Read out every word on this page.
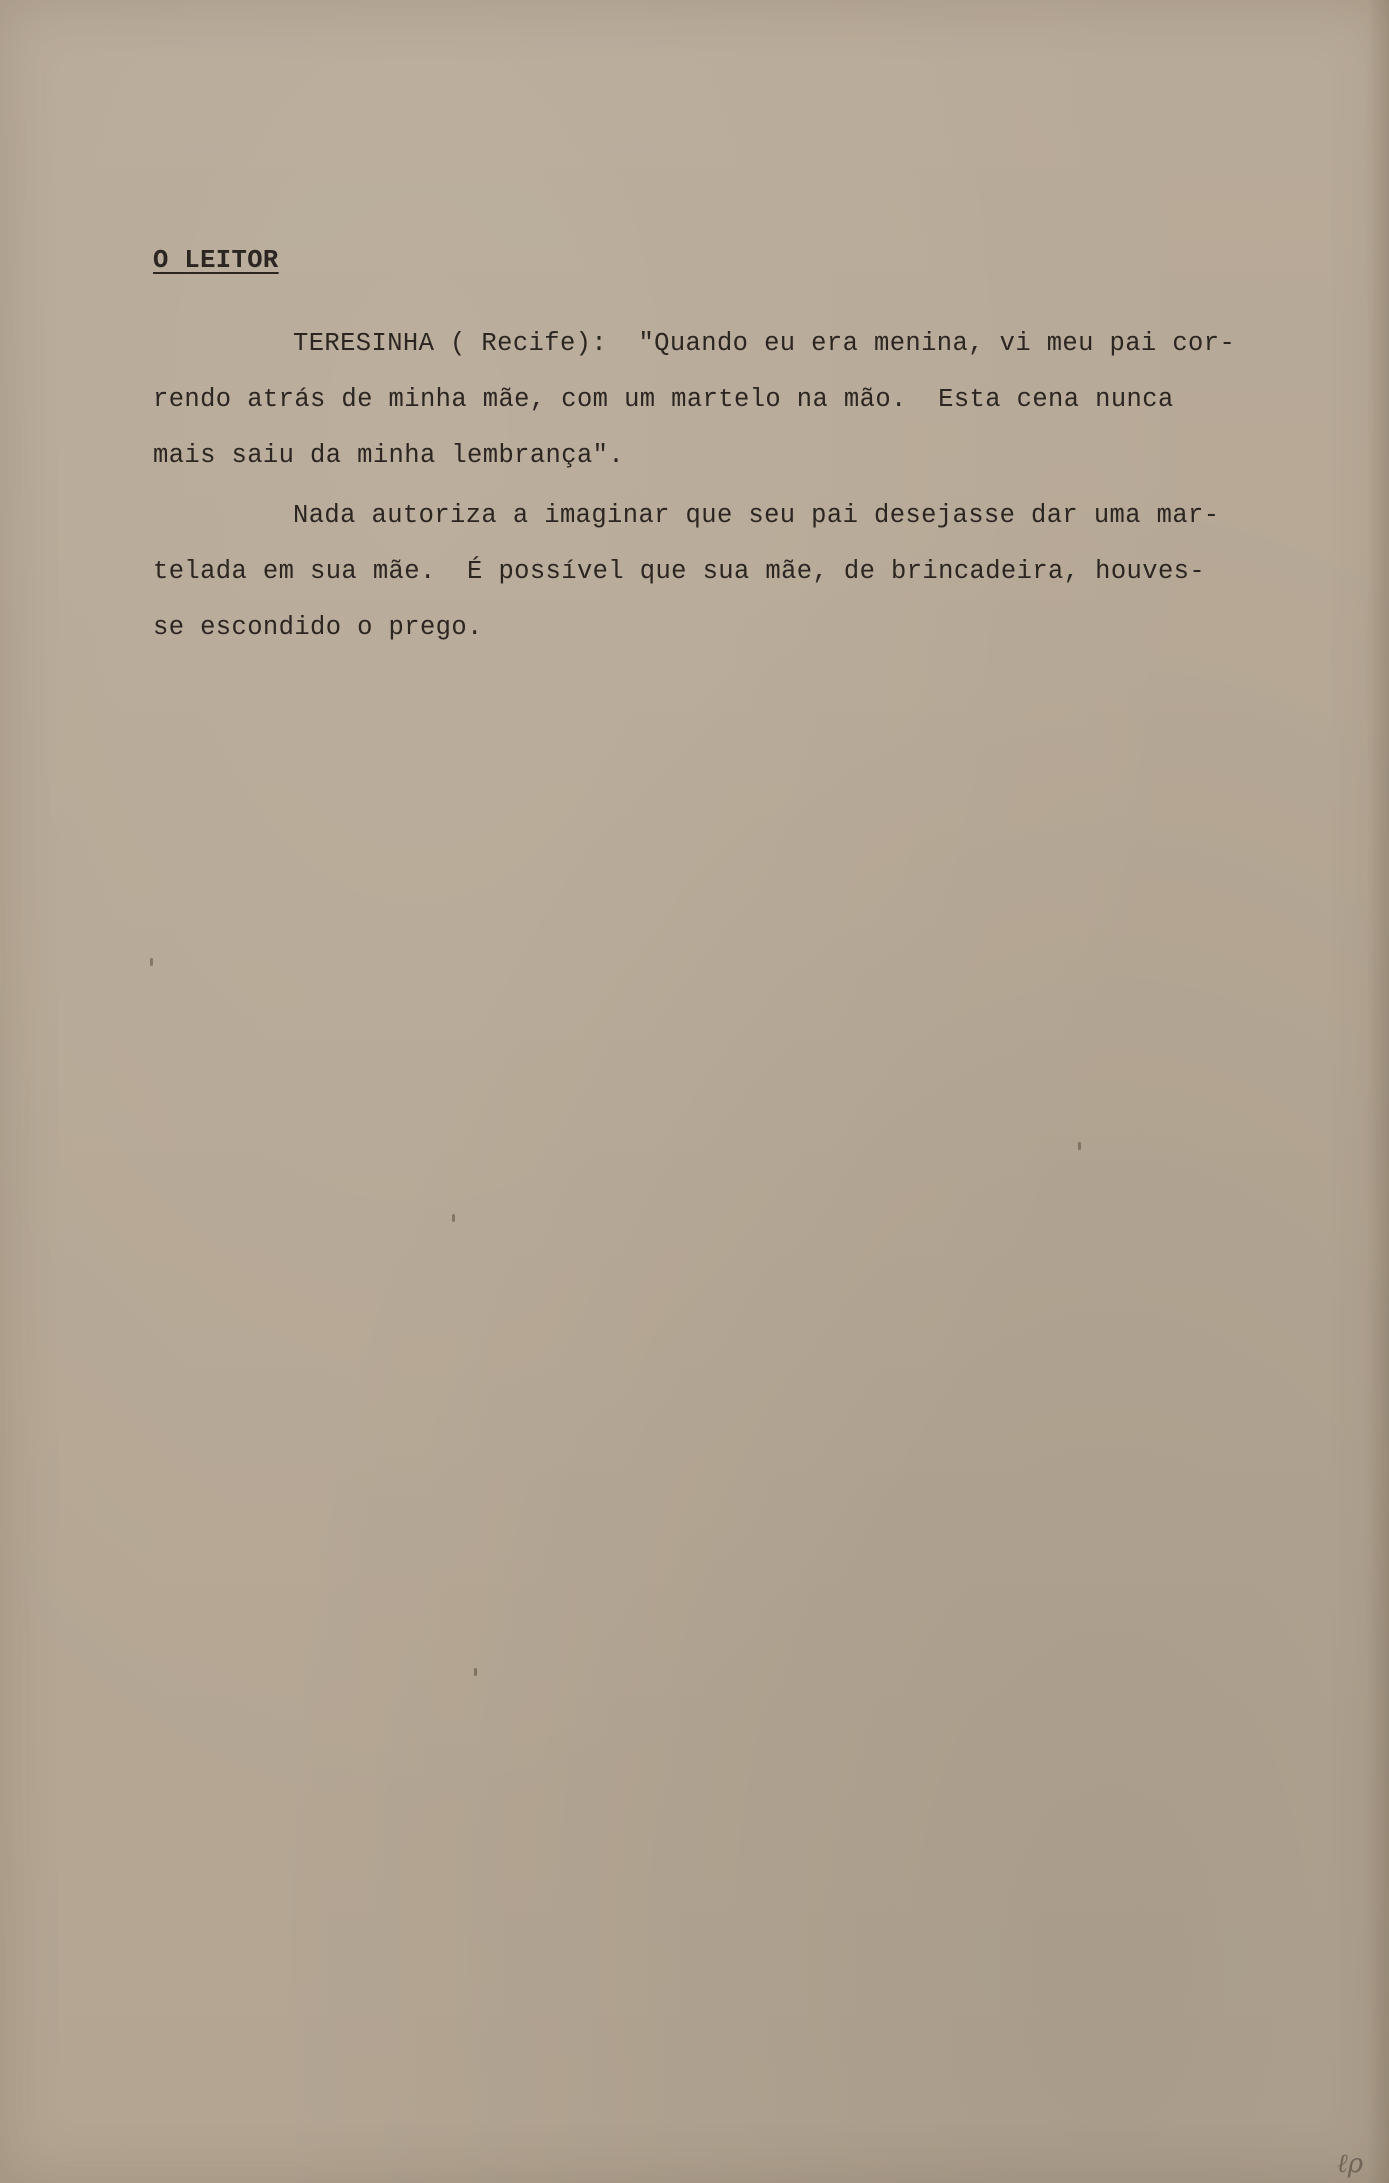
O LEITOR
TERESINHA ( Recife):  "Quando eu era menina, vi meu pai cor-
rendo atrás de minha mãe, com um martelo na mão.  Esta cena nunca
mais saiu da minha lembrança".
Nada autoriza a imaginar que seu pai desejasse dar uma mar-
telada em sua mãe.  É possível que sua mãe, de brincadeira, houves-
se escondido o prego.
ℓρ
